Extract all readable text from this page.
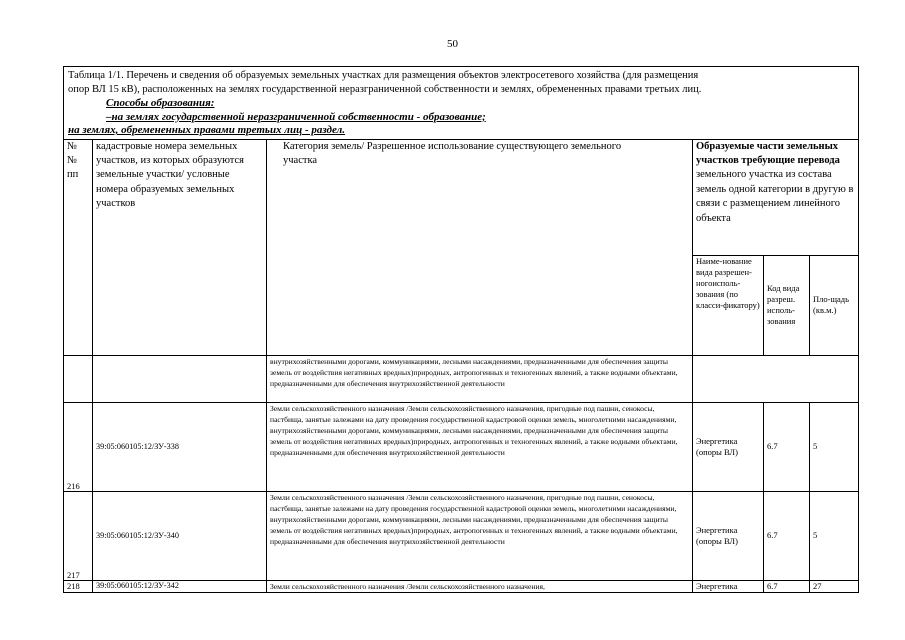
50
Таблица 1/1. Перечень и сведения об образуемых земельных участках для размещения объектов электросетевого хозяйства (для размещения
опор ВЛ 15 кВ), расположенных на землях государственной неразграниченной собственности и землях, обремененных правами третьих лиц.
Способы образования:
–на землях государственной неразграниченной собственности - образование;
на землях, обремененных правами третьих лиц - раздел.					

№ № пп	кадастровые номера земельных участков, из которых образуются земельные участки/ условные номера образуемых земельных участков	Категория земель/ Разрешенное использование существующего земельного участка	Образуемые части земельных участков требующие перевода земельного участка из состава земель одной категории в другую в связи с размещением линейного объекта		
			Наиме-нование вида разрешен-ногоисполь-зования (по класси-фикатору)	Код вида разреш. исполь-зования	Пло-щадь (кв.м.)
		внутрихозяйственными дорогами, коммуникациями, лесными насаждениями, предназначенными для обеспечения защиты земель от воздействия негативных вредных)природных, антропогенных и техногенных явлений, а также водными объектами, предназначенными для обеспечения внутрихозяйственной деятельности			
216	39:05:060105:12/ЗУ-338	Земли сельскохозяйственного назначения /Земли сельскохозяйственного назначения, пригодные под пашни, сенокосы, пастбища, занятые залежами на дату проведения государственной кадастровой оценки земель, многолетними насаждениями, внутрихозяйственными дорогами, коммуникациями, лесными насаждениями, предназначенными для обеспечения защиты земель от воздействия негативных вредных)природных, антропогенных и техногенных явлений, а также водными объектами, предназначенными для обеспечения внутрихозяйственной деятельности	Энергетика (опоры ВЛ)	6.7	5
217	39:05:060105:12/ЗУ-340	Земли сельскохозяйственного назначения /Земли сельскохозяйственного назначения, пригодные под пашни, сенокосы, пастбища, занятые залежами на дату проведения государственной кадастровой оценки земель, многолетними насаждениями, внутрихозяйственными дорогами, коммуникациями, лесными насаждениями, предназначенными для обеспечения защиты земель от воздействия негативных вредных)природных, антропогенных и техногенных явлений, а также водными объектами, предназначенными для обеспечения внутрихозяйственной деятельности	Энергетика (опоры ВЛ)	6.7	5
218	39:05:060105:12/ЗУ-342	Земли сельскохозяйственного назначения /Земли сельскохозяйственного назначения,	Энергетика	6.7	27
